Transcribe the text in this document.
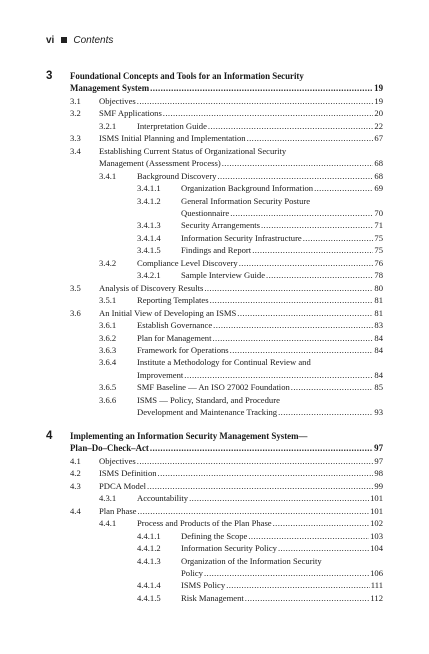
vi Contents
3 Foundational Concepts and Tools for an Information Security
Management System .....	19
3.1 Objectives .....	19
3.2 SMF Applications .....	20
3.2.1 Interpretation Guide .....	22
3.3 ISMS Initial Planning and Implementation .....	67
3.4 Establishing Current Status of Organizational Security
Management (Assessment Process) .....	68
3.4.1 Background Discovery .....	68
3.4.1.1 Organization Background Information .....	69
3.4.1.2 General Information Security Posture
Questionnaire .....	70
3.4.1.3 Security Arrangements .....	71
3.4.1.4 Information Security Infrastructure .....	75
3.4.1.5 Findings and Report .....	75
3.4.2 Compliance Level Discovery .....	76
3.4.2.1 Sample Interview Guide .....	78
3.5 Analysis of Discovery Results .....	80
3.5.1 Reporting Templates .....	81
3.6 An Initial View of Developing an ISMS .....	81
3.6.1 Establish Governance .....	83
3.6.2 Plan for Management .....	84
3.6.3 Framework for Operations .....	84
3.6.4 Institute a Methodology for Continual Review and
Improvement .....	84
3.6.5 SMF Baseline — An ISO 27002 Foundation .....	85
3.6.6 ISMS — Policy, Standard, and Procedure
Development and Maintenance Tracking .....	93
4 Implementing an Information Security Management System—
Plan–Do–Check–Act .....	97
4.1 Objectives .....	97
4.2 ISMS Definition .....	98
4.3 PDCA Model .....	99
4.3.1 Accountability .....	101
4.4 Plan Phase .....	101
4.4.1 Process and Products of the Plan Phase .....	102
4.4.1.1 Defining the Scope .....	103
4.4.1.2 Information Security Policy .....	104
4.4.1.3 Organization of the Information Security
Policy .....	106
4.4.1.4 ISMS Policy .....	111
4.4.1.5 Risk Management .....	112
